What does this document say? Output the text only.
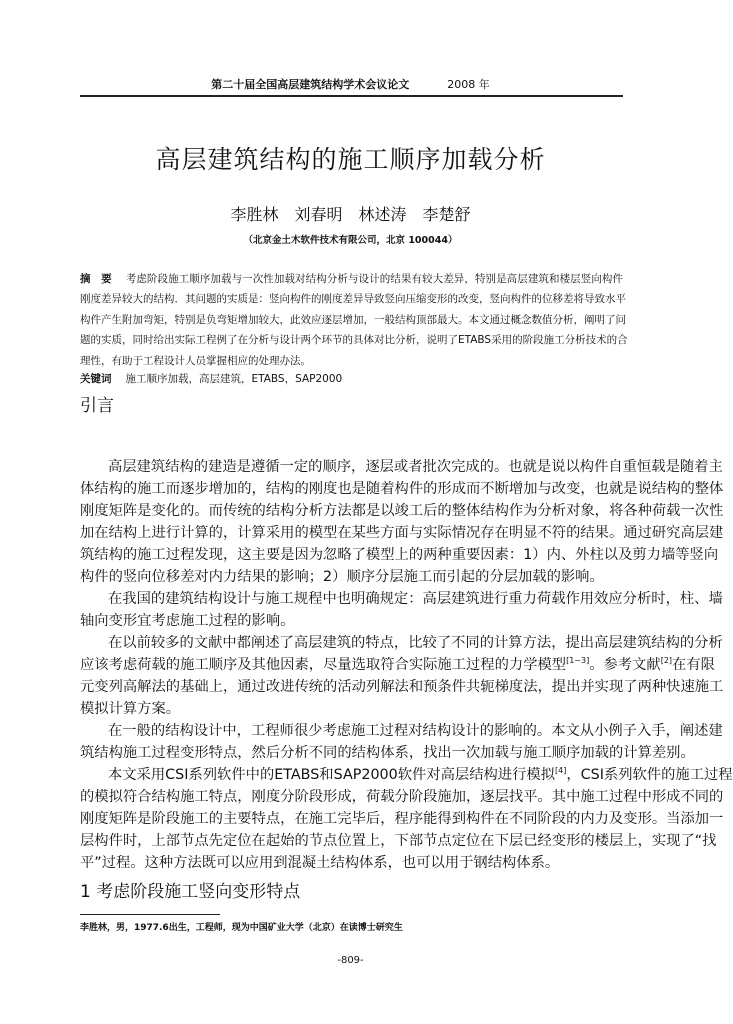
第二十届全国高层建筑结构学术会议论文	2008 年
高层建筑结构的施工顺序加载分析
李胜林 刘春明 林述涛 李楚舒
（北京金土木软件技术有限公司，北京 100044）
摘　要 考虑阶段施工顺序加载与一次性加载对结构分析与设计的结果有较大差异，特别是高层建筑和楼层竖向构件
刚度差异较大的结构．其问题的实质是：竖向构件的刚度差异导致竖向压缩变形的改变，竖向构件的位移差将导致水平
构件产生附加弯矩，特别是负弯矩增加较大，此效应逐层增加，一般结构顶部最大。本文通过概念数值分析，阐明了问
题的实质，同时给出实际工程例了在分析与设计两个环节的具体对比分析，说明了ETABS采用的阶段施工分析技术的合
理性，有助于工程设计人员掌握相应的处理办法。
关键词 施工顺序加载，高层建筑，ETABS，SAP2000
引言
高层建筑结构的建造是遵循一定的顺序，逐层或者批次完成的。也就是说以构件自重恒载是随着主
体结构的施工而逐步增加的，结构的刚度也是随着构件的形成而不断增加与改变，也就是说结构的整体
刚度矩阵是变化的。而传统的结构分析方法都是以竣工后的整体结构作为分析对象，将各种荷载一次性
加在结构上进行计算的，计算采用的模型在某些方面与实际情况存在明显不符的结果。通过研究高层建
筑结构的施工过程发现，这主要是因为忽略了模型上的两种重要因素：1）内、外柱以及剪力墙等竖向
构件的竖向位移差对内力结果的影响；2）顺序分层施工而引起的分层加载的影响。
在我国的建筑结构设计与施工规程中也明确规定：高层建筑进行重力荷载作用效应分析时，柱、墙
轴向变形宜考虑施工过程的影响。
在以前较多的文献中都阐述了高层建筑的特点，比较了不同的计算方法，提出高层建筑结构的分析
应该考虑荷载的施工顺序及其他因素，尽量选取符合实际施工过程的力学模型[1~3]。参考文献[2]在有限
元变列高解法的基础上，通过改进传统的活动列解法和预条件共轭梯度法，提出并实现了两种快速施工
模拟计算方案。
在一般的结构设计中，工程师很少考虑施工过程对结构设计的影响的。本文从小例子入手，阐述建
筑结构施工过程变形特点，然后分析不同的结构体系，找出一次加载与施工顺序加载的计算差别。
本文采用CSI系列软件中的ETABS和SAP2000软件对高层结构进行模拟[4]，CSI系列软件的施工过程
的模拟符合结构施工特点，刚度分阶段形成，荷载分阶段施加，逐层找平。其中施工过程中形成不同的
刚度矩阵是阶段施工的主要特点，在施工完毕后，程序能得到构件在不同阶段的内力及变形。当添加一
层构件时，上部节点先定位在起始的节点位置上，下部节点定位在下层已经变形的楼层上，实现了“找
平”过程。这种方法既可以应用到混凝土结构体系，也可以用于钢结构体系。
1 考虑阶段施工竖向变形特点
李胜林，男，1977.6出生，工程师，现为中国矿业大学（北京）在读博士研究生
-809-
